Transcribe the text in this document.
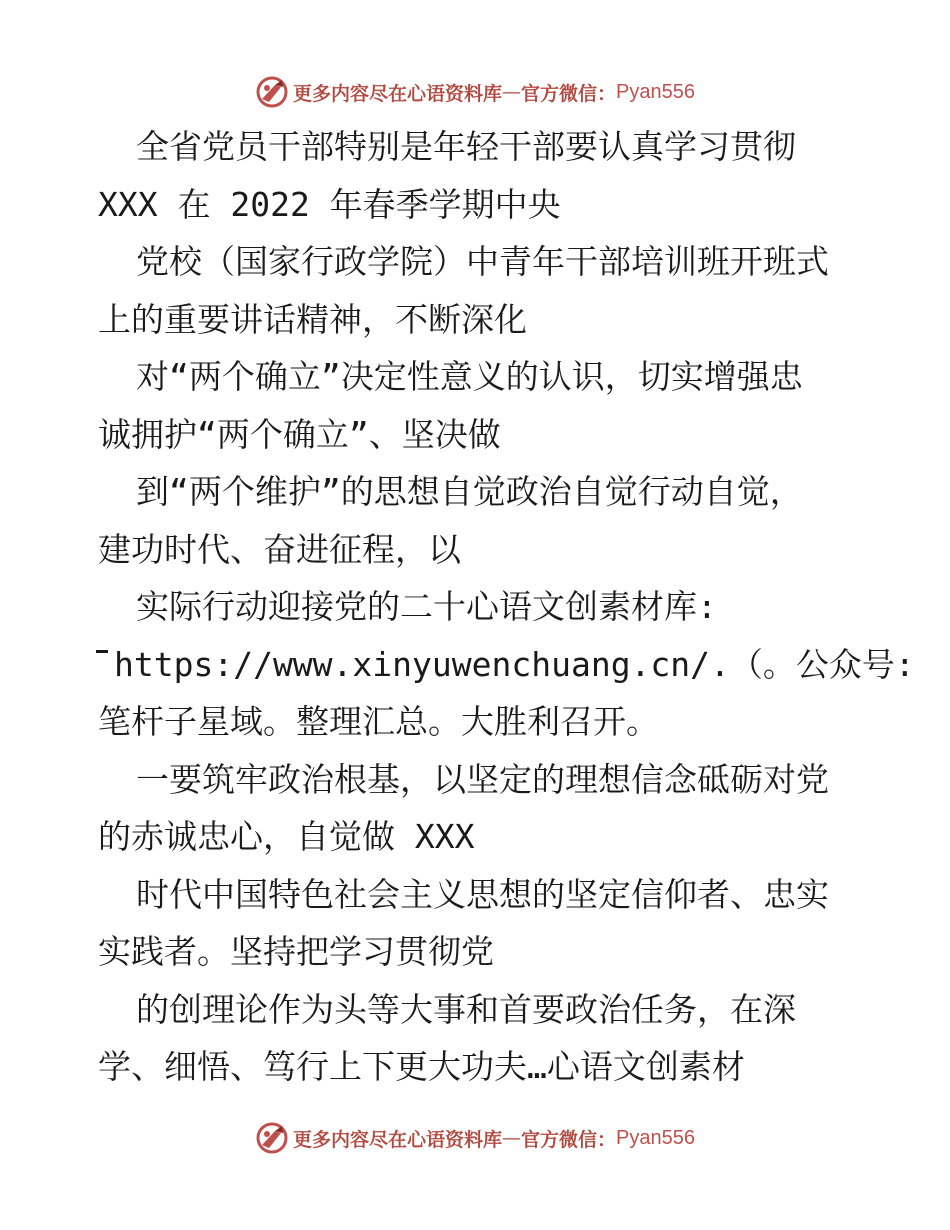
更多内容尽在心语资料库 — 官方微信： Pyan556
全省党员干部特别是年轻干部要认真学习贯彻
XXX 在 2022 年春季学期中央
党校（国家行政学院）中青年干部培训班开班式
上的重要讲话精神，不断深化
对“两个确立”决定性意义的认识，切实增强忠
诚拥护“两个确立”、坚决做
到“两个维护”的思想自觉政治自觉行动自觉，
建功时代、奋进征程，以
实际行动迎接党的二十心语文创素材库:
https://www.xinyuwenchuang.cn/.（。公众号:
笔杆子星域。整理汇总。大胜利召开。
一要筑牢政治根基，以坚定的理想信念砥砺对党
的赤诚忠心，自觉做 XXX
时代中国特色社会主义思想的坚定信仰者、忠实
实践者。坚持把学习贯彻党
的创理论作为头等大事和首要政治任务，在深
学、细悟、笃行上下更大功夫…心语文创素材
更多内容尽在心语资料库 — 官方微信： Pyan556
